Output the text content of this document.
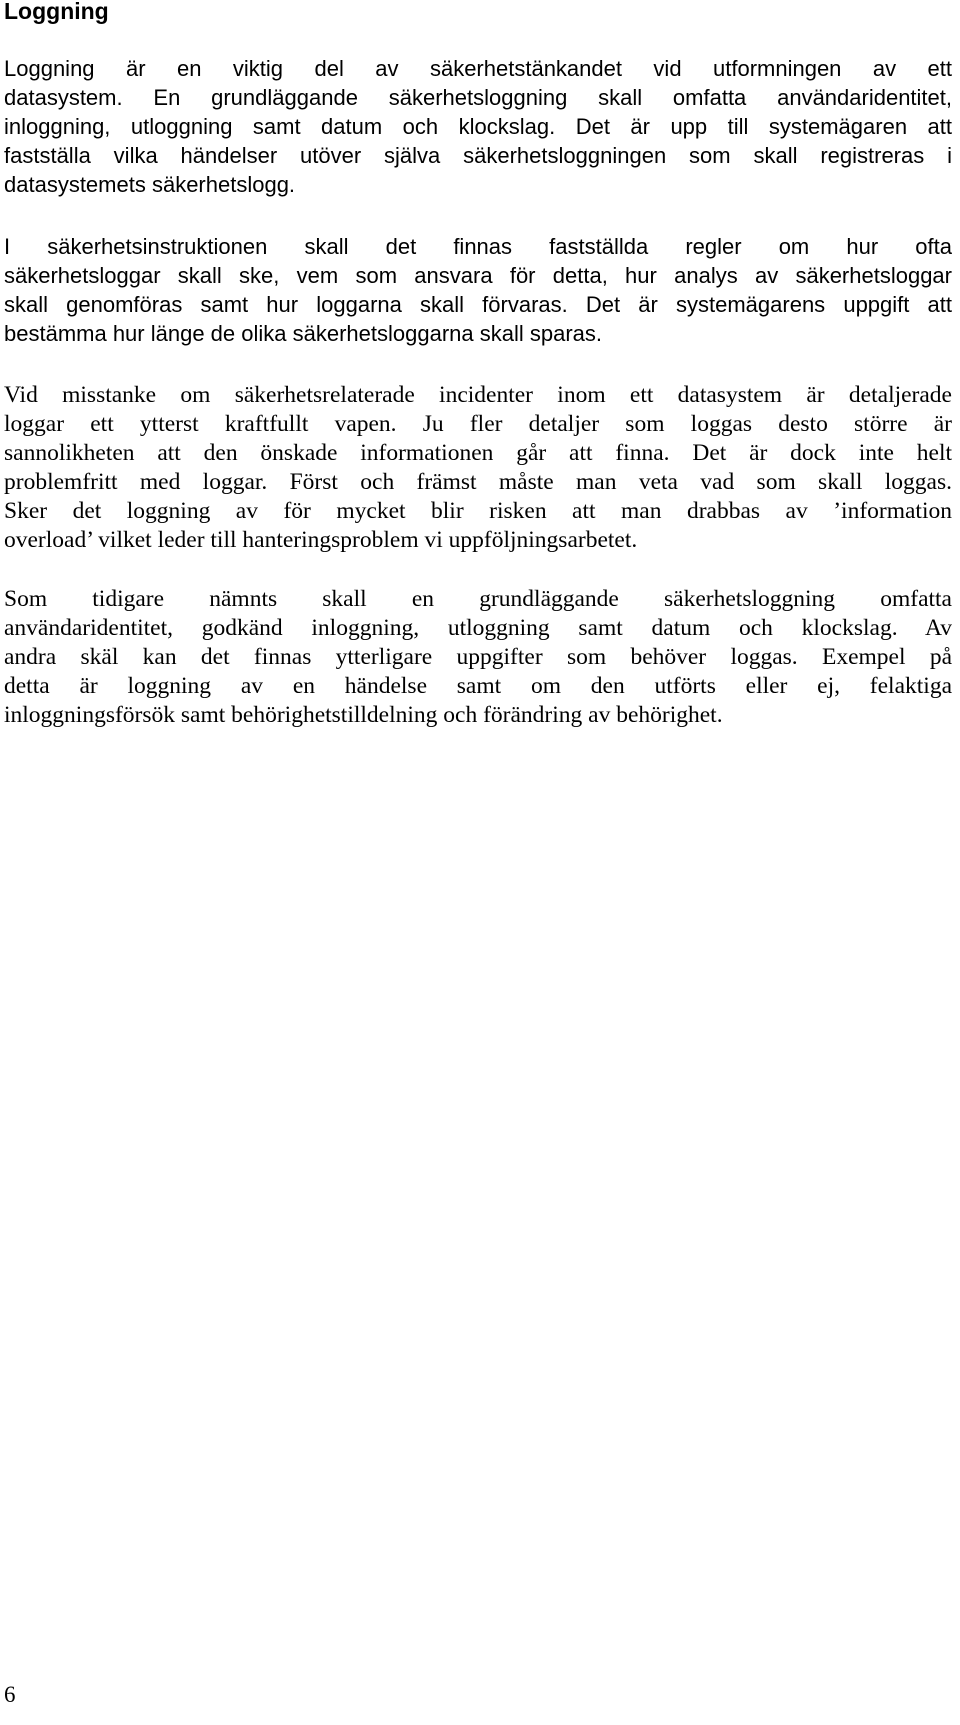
Loggning
Loggning är en viktig del av säkerhetstänkandet vid utformningen av ett
datasystem. En grundläggande säkerhetsloggning skall omfatta användaridentitet,
inloggning, utloggning samt datum och klockslag. Det är upp till systemägaren att
fastställa vilka händelser utöver själva säkerhetsloggningen som skall registreras i
datasystemets säkerhetslogg.
I säkerhetsinstruktionen skall det finnas fastställda regler om hur ofta
säkerhetsloggar skall ske, vem som ansvara för detta, hur analys av säkerhetsloggar
skall genomföras samt hur loggarna skall förvaras. Det är systemägarens uppgift att
bestämma hur länge de olika säkerhetsloggarna skall sparas.
Vid misstanke om säkerhetsrelaterade incidenter inom ett datasystem är detaljerade
loggar ett ytterst kraftfullt vapen. Ju fler detaljer som loggas desto större är
sannolikheten att den önskade informationen går att finna. Det är dock inte helt
problemfritt med loggar. Först och främst måste man veta vad som skall loggas.
Sker det loggning av för mycket blir risken att man drabbas av ’information
overload’ vilket leder till hanteringsproblem vi uppföljningsarbetet.
Som tidigare nämnts skall en grundläggande säkerhetsloggning omfatta
användaridentitet, godkänd inloggning, utloggning samt datum och klockslag. Av
andra skäl kan det finnas ytterligare uppgifter som behöver loggas. Exempel på
detta är loggning av en händelse samt om den utförts eller ej, felaktiga
inloggningsförsök samt behörighetstilldelning och förändring av behörighet.
6
